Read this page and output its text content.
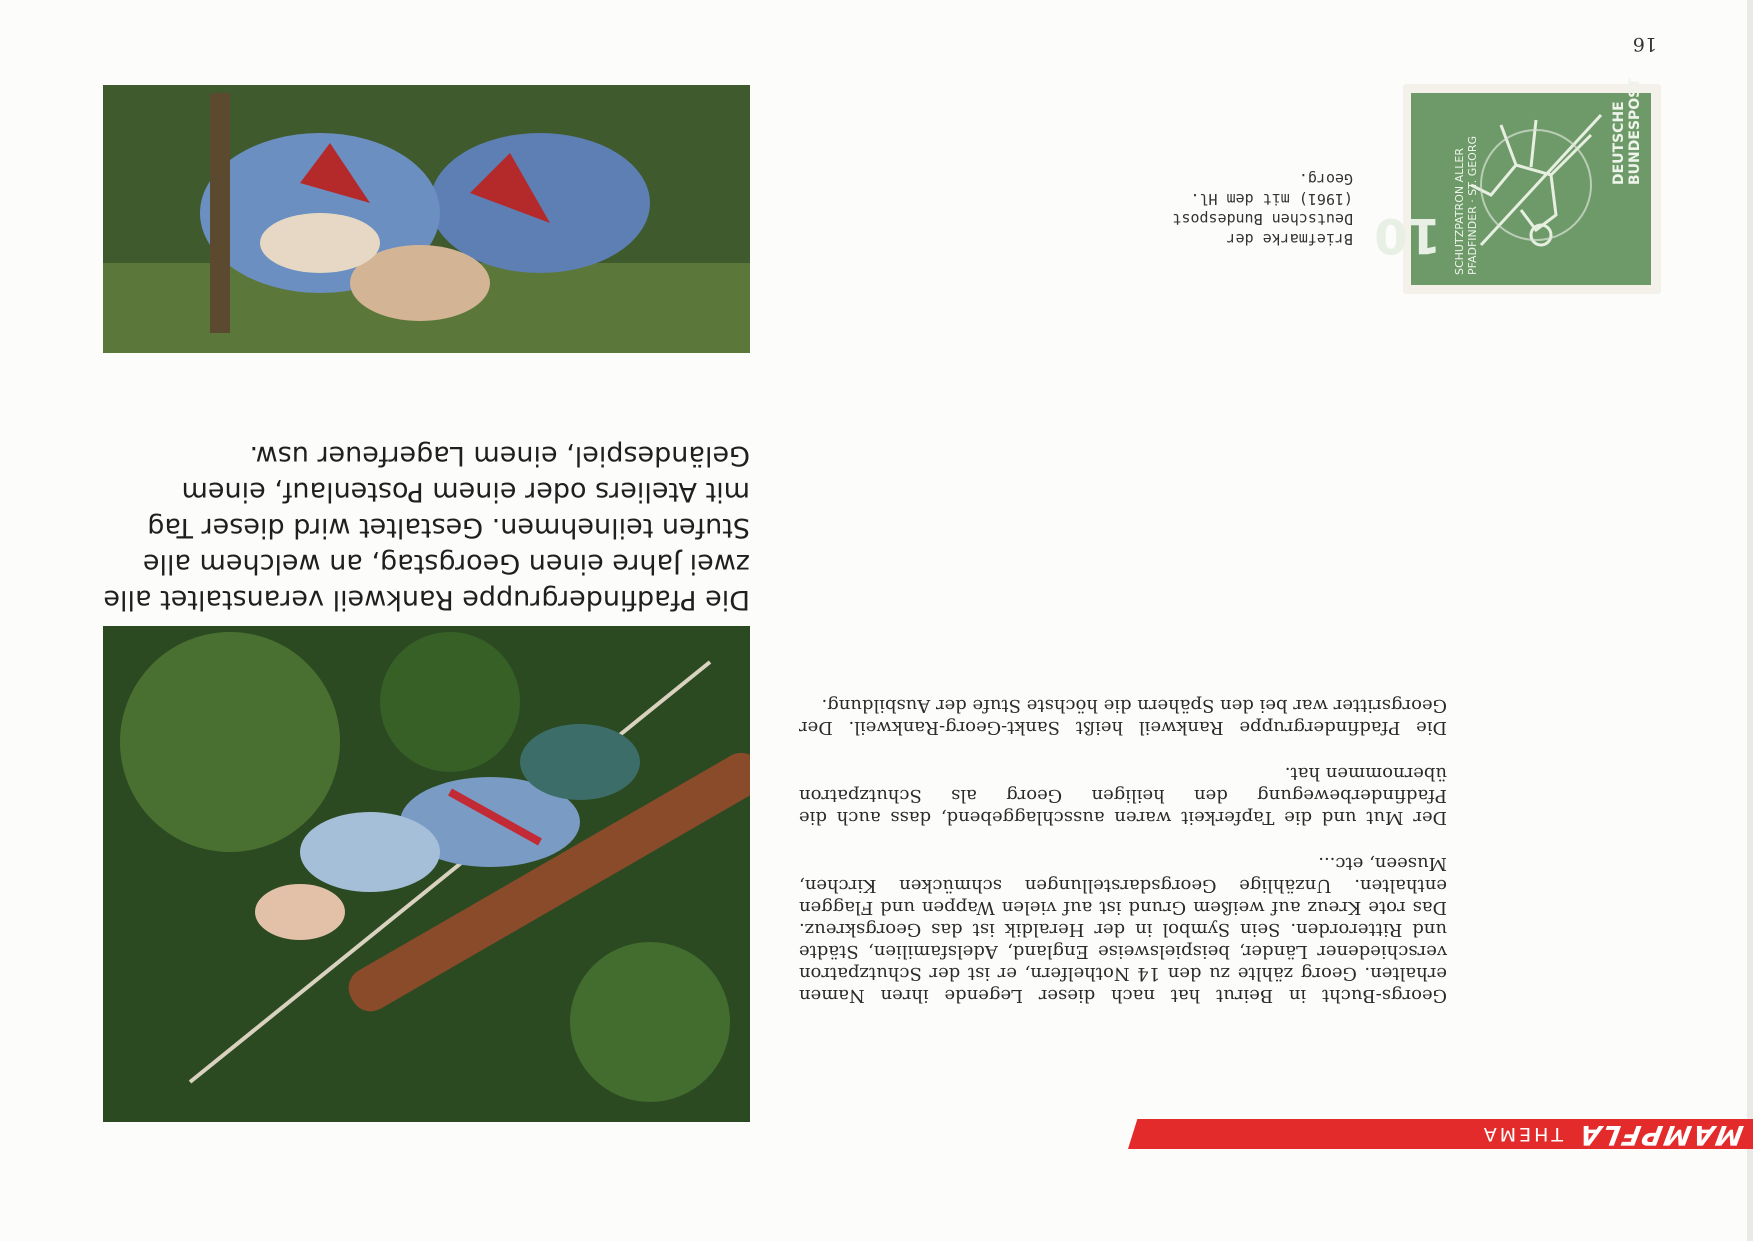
MAMPFLA
THEMA

Georgs-Bucht in Beirut hat nach dieser Legende ihren Namen erhalten. Georg zählte zu den 14 Nothelfern, er ist der Schutzpatron verschiedener Länder, beispielsweise England, Adelsfamilien, Städte und Ritterorden. Sein Symbol in der Heraldik ist das Georgskreuz. Das rote Kreuz auf weißem Grund ist auf vielen Wappen und Flaggen enthalten. Unzählige Georgsdarstellungen schmücken Kirchen, Museen, etc...

Der Mut und die Tapferkeit waren ausschlaggebend, dass auch die Pfadfinderbewegung den heiligen Georg als Schutzpatron übernommen hat.

Die Pfadfindergruppe Rankweil heißt Sankt-Georg-Rankweil. Der Georgsritter war bei den Spähern die höchste Stufe der Ausbildung.

10
DEUTSCHE BUNDESPOST
SCHUTZPATRON ALLER PFADFINDER · ST. GEORG
Briefmarke der Deutschen Bundespost (1961) mit dem Hl. Georg.
Die Pfadfindergruppe Rankweil veranstaltet alle zwei Jahre einen Georgstag, an welchem alle Stufen teilnehmen. Gestaltet wird dieser Tag mit Ateliers oder einem Postenlauf, einem Geländespiel, einem Lagerfeuer usw.
16
